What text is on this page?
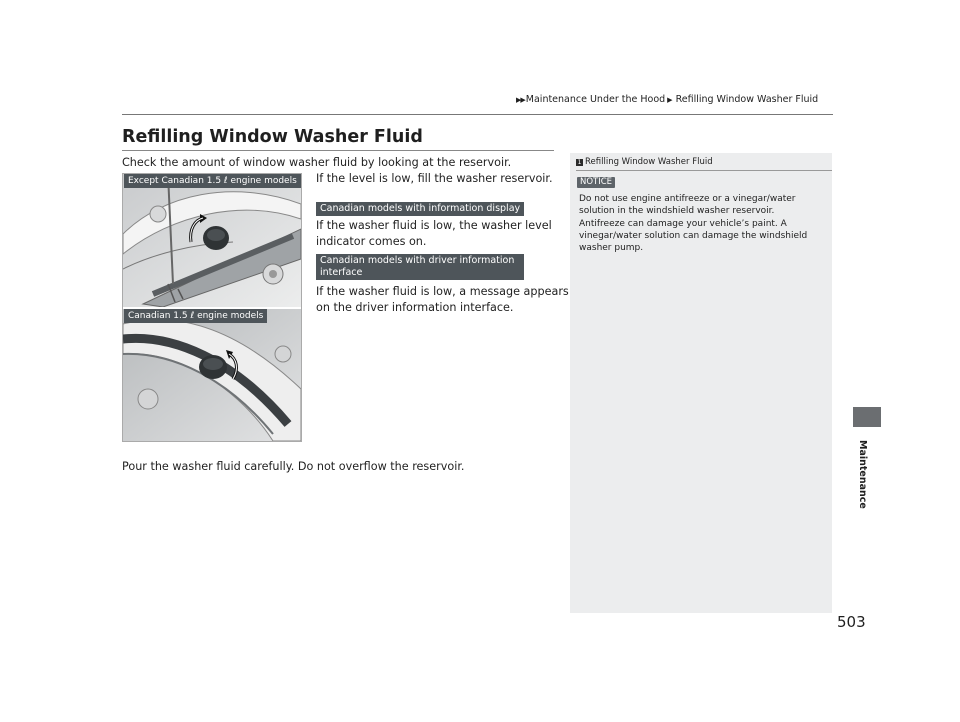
▶▶ Maintenance Under the Hood ▶ Refilling Window Washer Fluid
Refilling Window Washer Fluid
Check the amount of window washer fluid by looking at the reservoir.
Except Canadian 1.5 ℓ engine models
Canadian 1.5 ℓ engine models
If the level is low, fill the washer reservoir.
Canadian models with information display
If the washer fluid is low, the washer level
indicator comes on.
Canadian models with driver information
interface
If the washer fluid is low, a message appears
on the driver information interface.
Pour the washer fluid carefully. Do not overflow the reservoir.
1 Refilling Window Washer Fluid
NOTICE
Do not use engine antifreeze or a vinegar/water
solution in the windshield washer reservoir.
Antifreeze can damage your vehicle’s paint. A
vinegar/water solution can damage the windshield
washer pump.
Maintenance
503
